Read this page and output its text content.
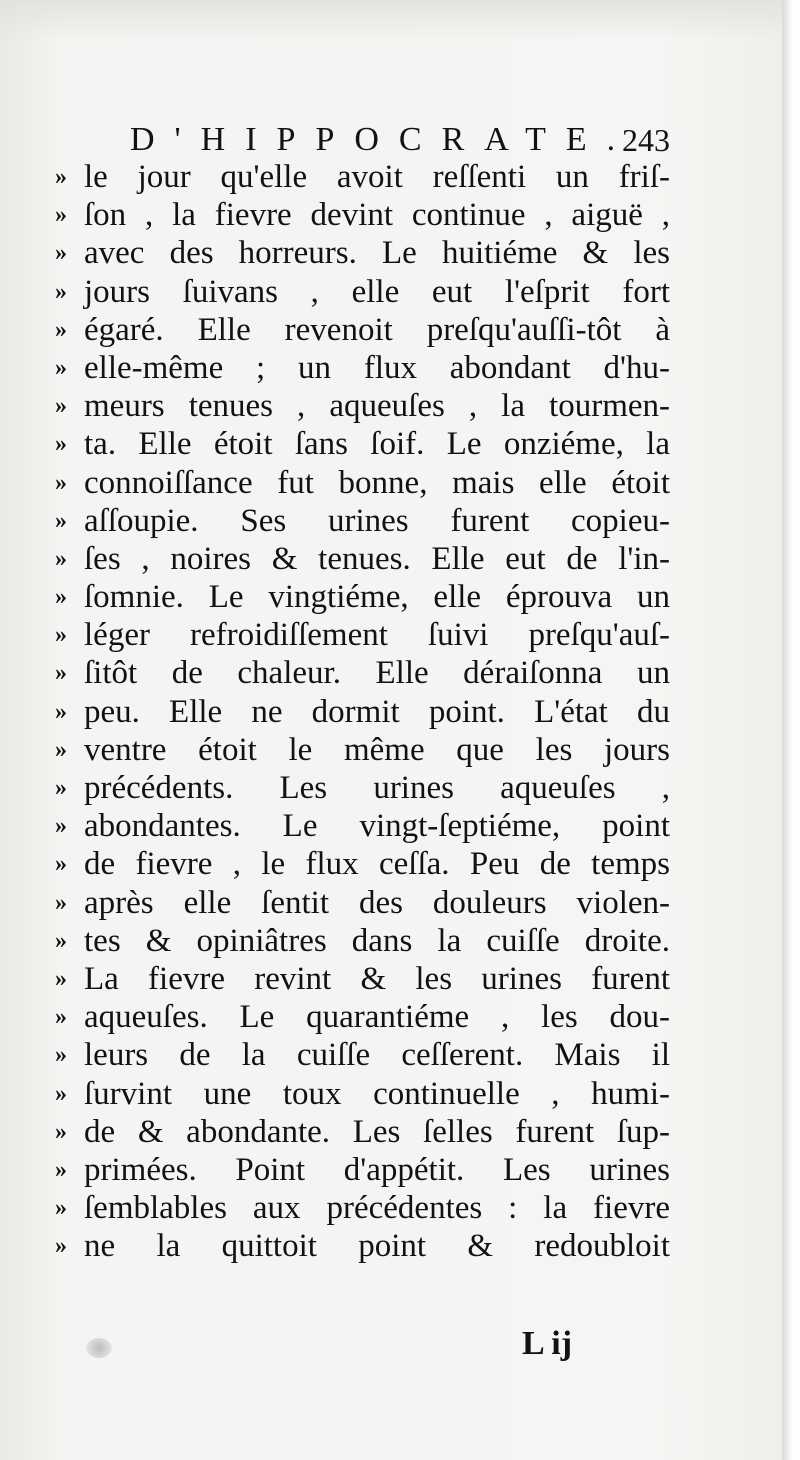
D'HIPPOCRATE.
243
» le jour qu'elle avoit reſſenti un friſ-
» ſon , la fievre devint continue , aiguë ,
» avec des horreurs. Le huitiéme & les
» jours ſuivans , elle eut l'eſprit fort
» égaré. Elle revenoit preſqu'auſſi-tôt à
» elle-même ; un flux abondant d'hu-
» meurs tenues , aqueuſes , la tourmen-
» ta. Elle étoit ſans ſoif. Le onziéme, la
» connoiſſance fut bonne, mais elle étoit
» aſſoupie. Ses urines furent copieu-
» ſes , noires & tenues. Elle eut de l'in-
» ſomnie. Le vingtiéme, elle éprouva un
» léger refroidiſſement ſuivi preſqu'auſ-
» ſitôt de chaleur. Elle déraiſonna un
» peu. Elle ne dormit point. L'état du
» ventre étoit le même que les jours
» précédents. Les urines aqueuſes ,
» abondantes. Le vingt-ſeptiéme, point
» de fievre , le flux ceſſa. Peu de temps
» après elle ſentit des douleurs violen-
» tes & opiniâtres dans la cuiſſe droite.
» La fievre revint & les urines furent
» aqueuſes. Le quarantiéme , les dou-
» leurs de la cuiſſe ceſſerent. Mais il
» ſurvint une toux continuelle , humi-
» de & abondante. Les ſelles furent ſup-
» primées. Point d'appétit. Les urines
» ſemblables aux précédentes : la fievre
» ne la quittoit point & redoubloit
L ij
